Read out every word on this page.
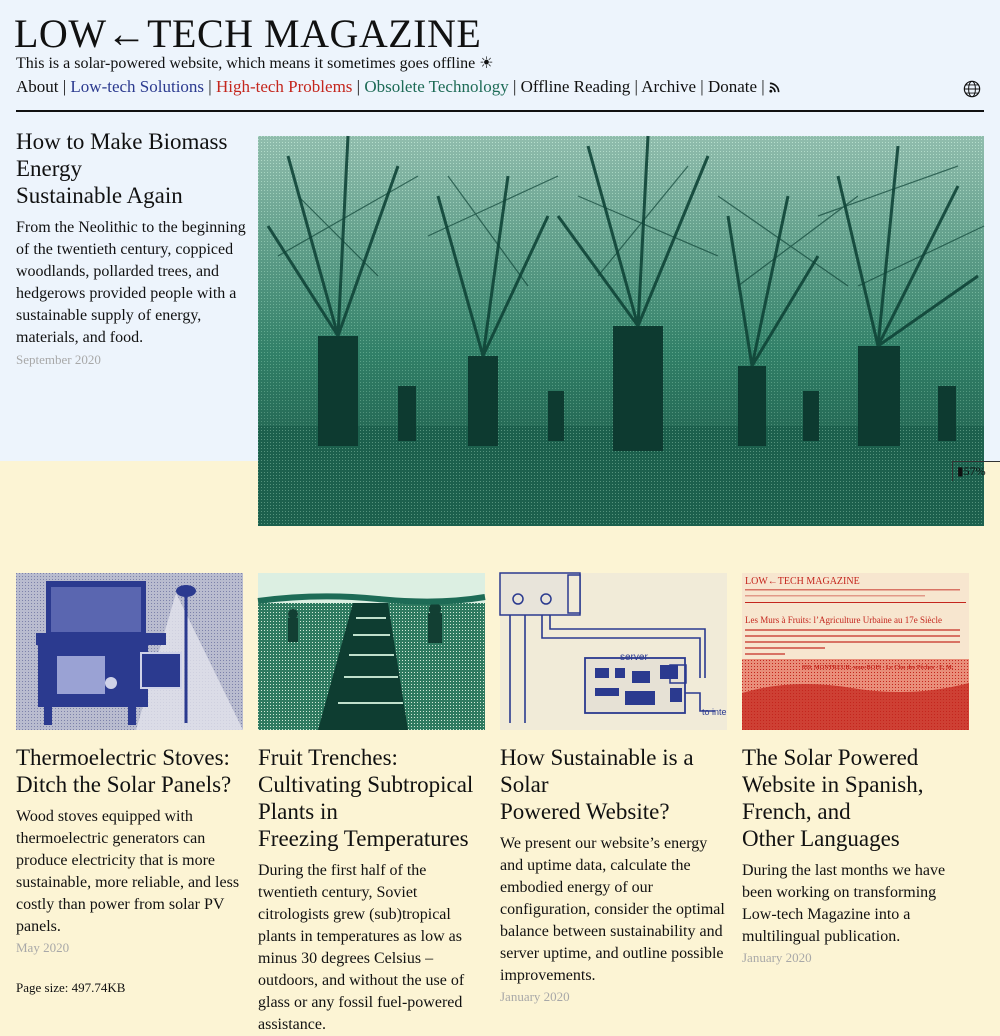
LOW←TECH MAGAZINE

This is a solar-powered website, which means it sometimes goes offline ☀

About | Low-tech Solutions | High-tech Problems | Obsolete Technology | Offline Reading | Archive | Donate |
How to Make Biomass Energy
Sustainable Again

From the Neolithic to the beginning of the twentieth century, coppiced woodlands, pollarded trees, and hedgerows provided people with a sustainable supply of energy, materials, and food.

September 2020

▮57%
Thermoelectric Stoves:
Ditch the Solar Panels?

Wood stoves equipped with thermoelectric generators can produce electricity that is more sustainable, more reliable, and less costly than power from solar PV panels.

May 2020

Fruit Trenches: Cultivating Subtropical Plants in
Freezing Temperatures

During the first half of the twentieth century, Soviet citrologists grew (sub)tropical plants in temperatures as low as minus 30 degrees Celsius – outdoors, and without the use of glass or any fossil fuel-powered assistance.

server
to inte
How Sustainable is a Solar
Powered Website?

We present our website’s energy and uptime data, calculate the embodied energy of our configuration, consider the optimal balance between sustainability and server uptime, and outline possible improvements.

January 2020

LOW←TECH MAGAZINE
Les Murs à Fruits: l’Agriculture Urbaine au 17e Siècle
839. MONTREUIL-sous-BOIS - Le Clos des Pêches - E. M.
The Solar Powered Website in Spanish, French, and
Other Languages

During the last months we have been working on transforming Low-tech Magazine into a multilingual publication.

January 2020

Page size: 497.74KB
